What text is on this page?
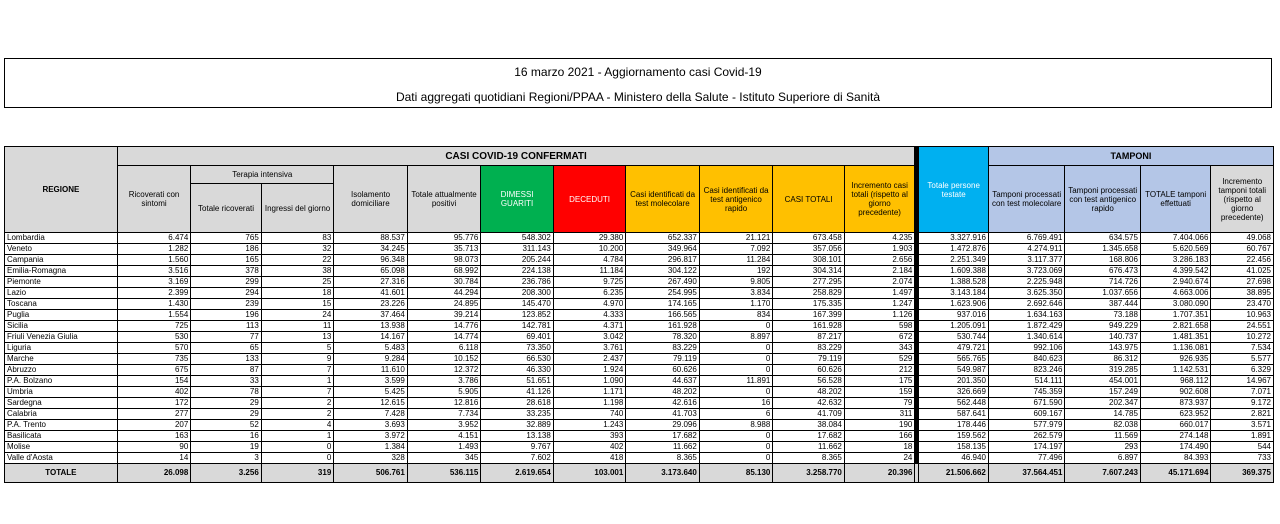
16 marzo 2021 - Aggiornamento casi Covid-19
Dati aggregati quotidiani Regioni/PPAA - Ministero della Salute - Istituto Superiore di Sanità
REGIONE	CASI COVID-19 CONFERMATI												Totale persone testate	TAMPONI			
	Ricoverati con sintomi	Terapia intensiva		Isolamento domiciliare	Totale attualmente positivi	DIMESSI GUARITI	DECEDUTI	Casi identificati da test molecolare	Casi identificati da test antigenico rapido	CASI TOTALI	Incremento casi totali (rispetto al giorno precedente)			Tamponi processati con test molecolare	Tamponi processati con test antigenico rapido	TOTALE tamponi effettuati	Incremento tamponi totali (rispetto al giorno precedente)
		Totale ricoverati	Ingressi del giorno														
Lombardia	6.474	765	83	88.537	95.776	548.302	29.380	652.337	21.121	673.458	4.235		3.327.916	6.769.491	634.575	7.404.066	49.068
Veneto	1.282	186	32	34.245	35.713	311.143	10.200	349.964	7.092	357.056	1.903		1.472.876	4.274.911	1.345.658	5.620.569	60.767
Campania	1.560	165	22	96.348	98.073	205.244	4.784	296.817	11.284	308.101	2.656		2.251.349	3.117.377	168.806	3.286.183	22.456
Emilia-Romagna	3.516	378	38	65.098	68.992	224.138	11.184	304.122	192	304.314	2.184		1.609.388	3.723.069	676.473	4.399.542	41.025
Piemonte	3.169	299	25	27.316	30.784	236.786	9.725	267.490	9.805	277.295	2.074		1.388.528	2.225.948	714.726	2.940.674	27.698
Lazio	2.399	294	18	41.601	44.294	208.300	6.235	254.995	3.834	258.829	1.497		3.143.184	3.625.350	1.037.656	4.663.006	38.895
Toscana	1.430	239	15	23.226	24.895	145.470	4.970	174.165	1.170	175.335	1.247		1.623.906	2.692.646	387.444	3.080.090	23.470
Puglia	1.554	196	24	37.464	39.214	123.852	4.333	166.565	834	167.399	1.126		937.016	1.634.163	73.188	1.707.351	10.963
Sicilia	725	113	11	13.938	14.776	142.781	4.371	161.928	0	161.928	598		1.205.091	1.872.429	949.229	2.821.658	24.551
Friuli Venezia Giulia	530	77	13	14.167	14.774	69.401	3.042	78.320	8.897	87.217	672		530.744	1.340.614	140.737	1.481.351	10.272
Liguria	570	65	5	5.483	6.118	73.350	3.761	83.229	0	83.229	343		479.721	992.106	143.975	1.136.081	7.534
Marche	735	133	9	9.284	10.152	66.530	2.437	79.119	0	79.119	529		565.765	840.623	86.312	926.935	5.577
Abruzzo	675	87	7	11.610	12.372	46.330	1.924	60.626	0	60.626	212		549.987	823.246	319.285	1.142.531	6.329
P.A. Bolzano	154	33	1	3.599	3.786	51.651	1.090	44.637	11.891	56.528	175		201.350	514.111	454.001	968.112	14.967
Umbria	402	78	7	5.425	5.905	41.126	1.171	48.202	0	48.202	159		326.669	745.359	157.249	902.608	7.071
Sardegna	172	29	2	12.615	12.816	28.618	1.198	42.616	16	42.632	79		562.448	671.590	202.347	873.937	9.172
Calabria	277	29	2	7.428	7.734	33.235	740	41.703	6	41.709	311		587.641	609.167	14.785	623.952	2.821
P.A. Trento	207	52	4	3.693	3.952	32.889	1.243	29.096	8.988	38.084	190		178.446	577.979	82.038	660.017	3.571
Basilicata	163	16	1	3.972	4.151	13.138	393	17.682	0	17.682	166		159.562	262.579	11.569	274.148	1.891
Molise	90	19	0	1.384	1.493	9.767	402	11.662	0	11.662	18		158.135	174.197	293	174.490	544
Valle d'Aosta	14	3	0	328	345	7.602	418	8.365	0	8.365	24		46.940	77.496	6.897	84.393	733
TOTALE	26.098	3.256	319	506.761	536.115	2.619.654	103.001	3.173.640	85.130	3.258.770	20.396		21.506.662	37.564.451	7.607.243	45.171.694	369.375
